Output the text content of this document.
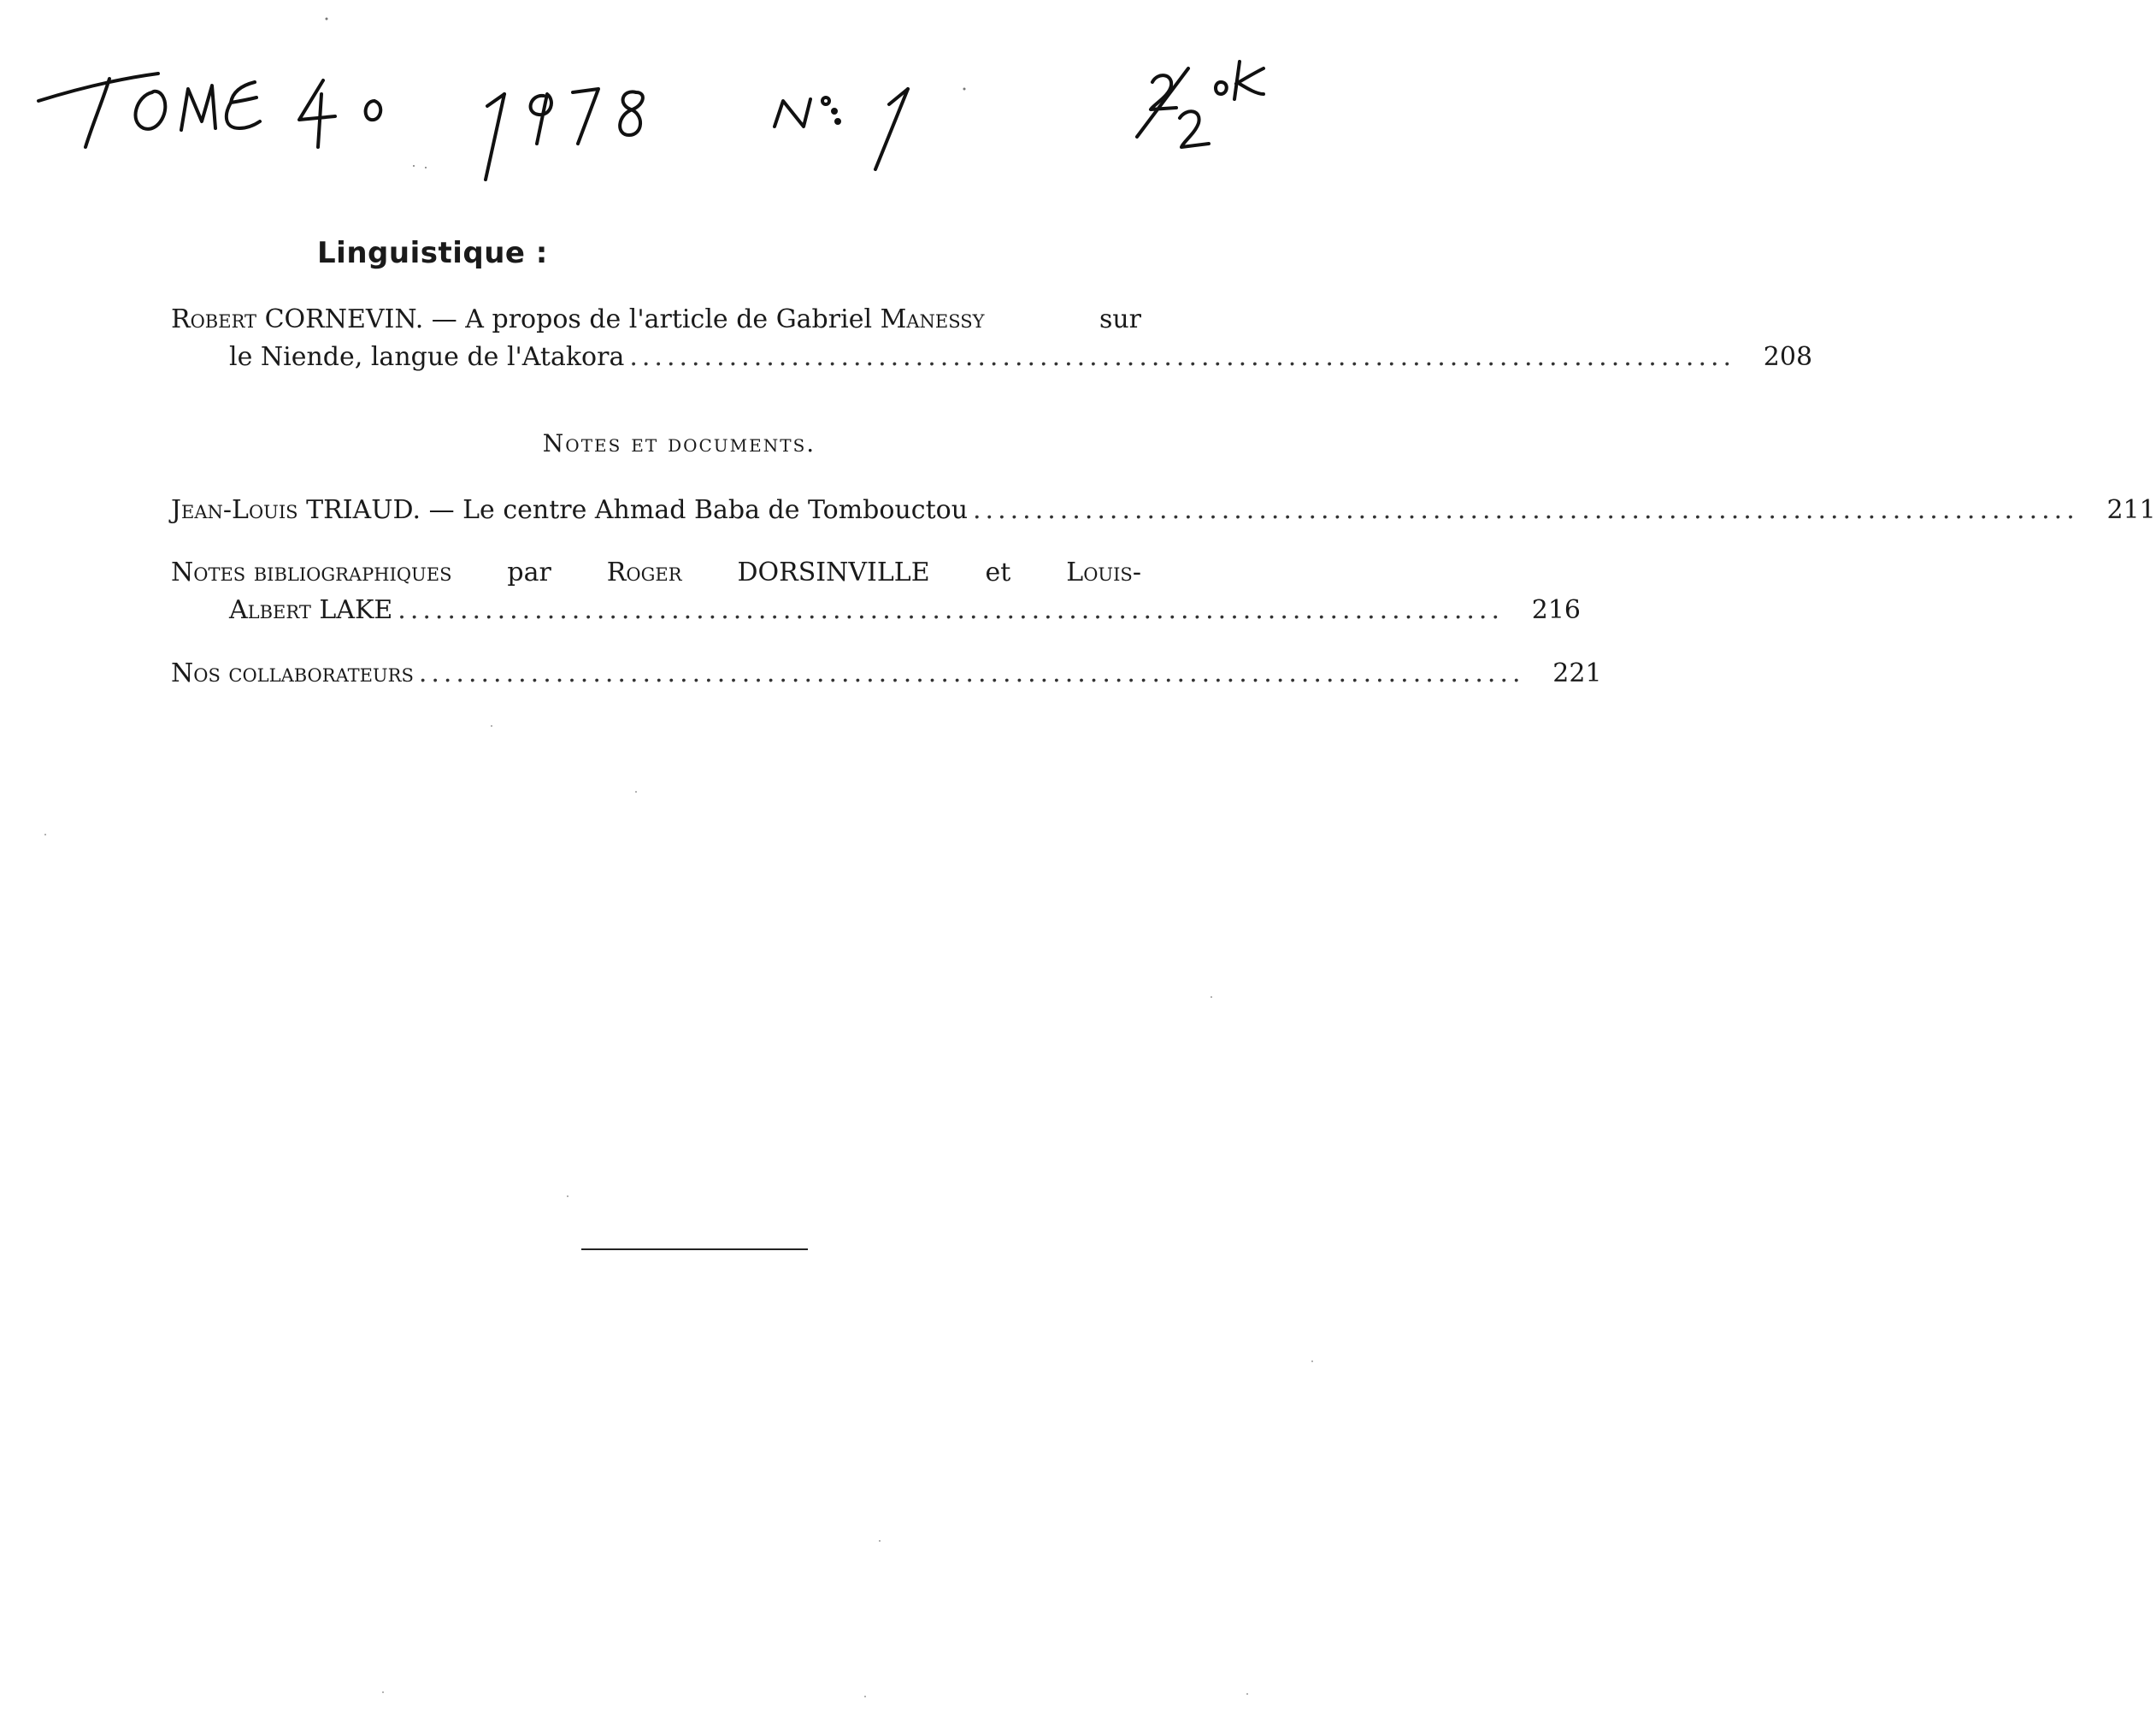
Linguistique :
Robert CORNEVIN. — A propos de l'article de Gabriel Manessy	sur
le Niende, langue de l'Atakora .........................................................................................	208
Notes et documents.
Jean-Louis TRIAUD. — Le centre Ahmad Baba de Tombouctou .........................................................................................	211
Notes bibliographiques par Roger DORSINVILLE et Louis-
Albert LAKE .........................................................................................	216
Nos collaborateurs .........................................................................................	221
